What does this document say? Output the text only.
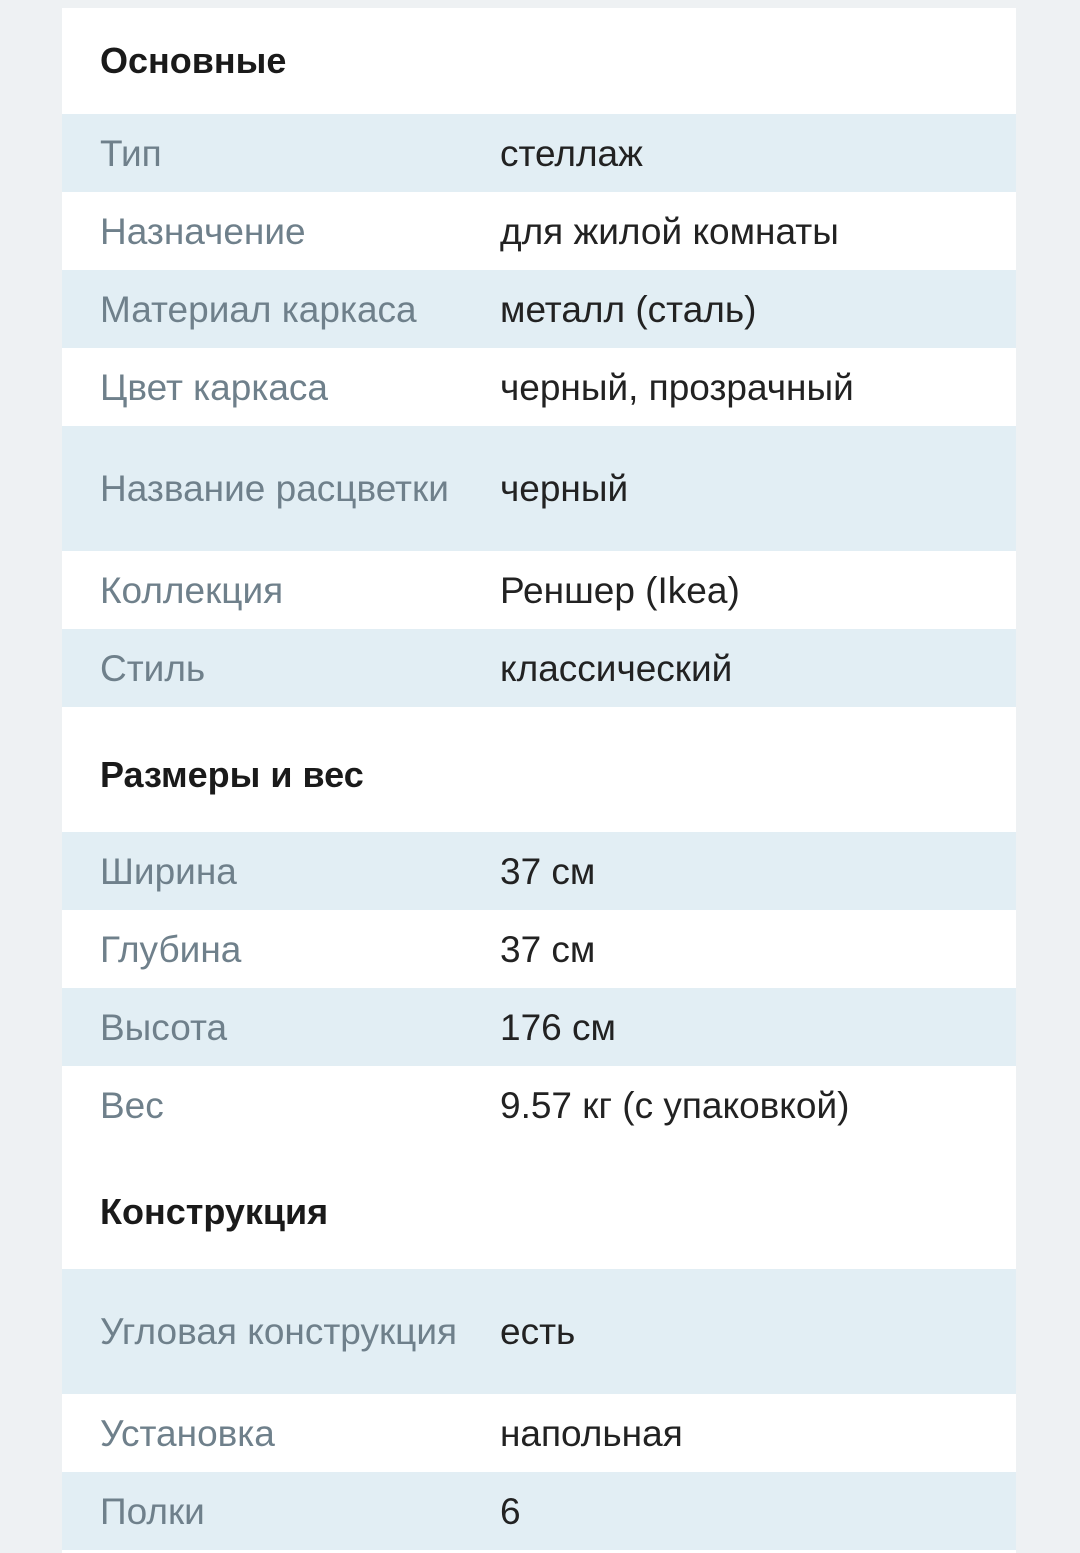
Основные
Тип	стеллаж
Назначение	для жилой комнаты
Материал каркаса	металл (сталь)
Цвет каркаса	черный, прозрачный
Название расцветки	черный
Коллекция	Реншер (Ikea)
Стиль	классический
Размеры и вес
Ширина	37 см
Глубина	37 см
Высота	176 см
Вес	9.57 кг (с упаковкой)
Конструкция
Угловая конструкция	есть
Установка	напольная
Полки	6
